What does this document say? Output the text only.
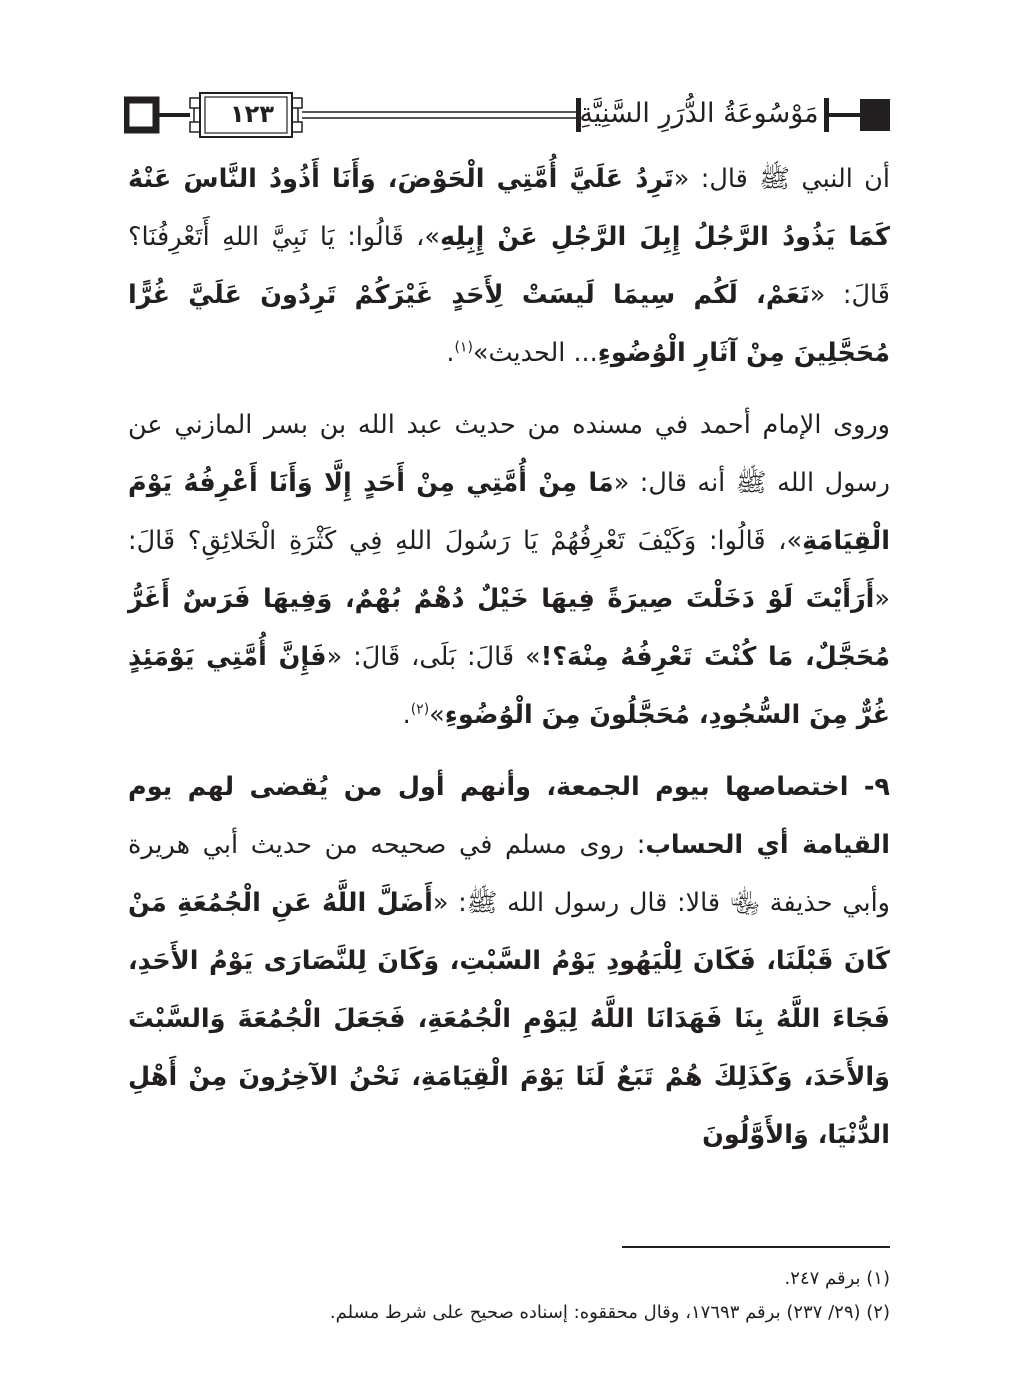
مَوْسُوعَةُ الدُّرَرِ السَّنِيَّةِ
١٢٣

أن النبي ﷺ قال: «تَرِدُ عَلَيَّ أُمَّتِي الْحَوْضَ، وَأَنَا أَذُودُ النَّاسَ عَنْهُ كَمَا يَذُودُ الرَّجُلُ إِبِلَ الرَّجُلِ عَنْ إِبِلِهِ»، قَالُوا: يَا نَبِيَّ اللهِ أَتَعْرِفُنَا؟ قَالَ: «نَعَمْ، لَكُم سِيمَا لَيسَتْ لِأَحَدٍ غَيْرَكُمْ تَرِدُونَ عَلَيَّ غُرًّا مُحَجَّلِينَ مِنْ آثَارِ الْوُضُوءِ... الحديث»$^{(١)}$.

وروى الإمام أحمد في مسنده من حديث عبد الله بن بسر المازني عن رسول الله ﷺ أنه قال: «مَا مِنْ أُمَّتِي مِنْ أَحَدٍ إِلَّا وَأَنَا أَعْرِفُهُ يَوْمَ الْقِيَامَةِ»، قَالُوا: وَكَيْفَ تَعْرِفُهُمْ يَا رَسُولَ اللهِ فِي كَثْرَةِ الْخَلائِقِ؟ قَالَ: «أَرَأَيْتَ لَوْ دَخَلْتَ صِيرَةً فِيهَا خَيْلٌ دُهْمٌ بُهْمٌ، وَفِيهَا فَرَسٌ أَغَرُّ مُحَجَّلٌ، مَا كُنْتَ تَعْرِفُهُ مِنْهَ؟!» قَالَ: بَلَى، قَالَ: «فَإِنَّ أُمَّتِي يَوْمَئِذٍ غُرٌّ مِنَ السُّجُودِ، مُحَجَّلُونَ مِنَ الْوُضُوءِ»$^{(٢)}$.

٩- اختصاصها بيوم الجمعة، وأنهم أول من يُقضى لهم يوم القيامة أي الحساب: روى مسلم في صحيحه من حديث أبي هريرة وأبي حذيفة ﵄ قالا: قال رسول الله ﷺ: «أَضَلَّ اللَّهُ عَنِ الْجُمُعَةِ مَنْ كَانَ قَبْلَنَا، فَكَانَ لِلْيَهُودِ يَوْمُ السَّبْتِ، وَكَانَ لِلنَّصَارَى يَوْمُ الأَحَدِ، فَجَاءَ اللَّهُ بِنَا فَهَدَانَا اللَّهُ لِيَوْمِ الْجُمُعَةِ، فَجَعَلَ الْجُمُعَةَ وَالسَّبْتَ وَالأَحَدَ، وَكَذَلِكَ هُمْ تَبَعٌ لَنَا يَوْمَ الْقِيَامَةِ، نَحْنُ الآخِرُونَ مِنْ أَهْلِ الدُّنْيَا، وَالأَوَّلُونَ

(١) برقم ٢٤٧.
(٢) (٢٩/ ٢٣٧) برقم ١٧٦٩٣، وقال محققوه: إسناده صحيح على شرط مسلم.
